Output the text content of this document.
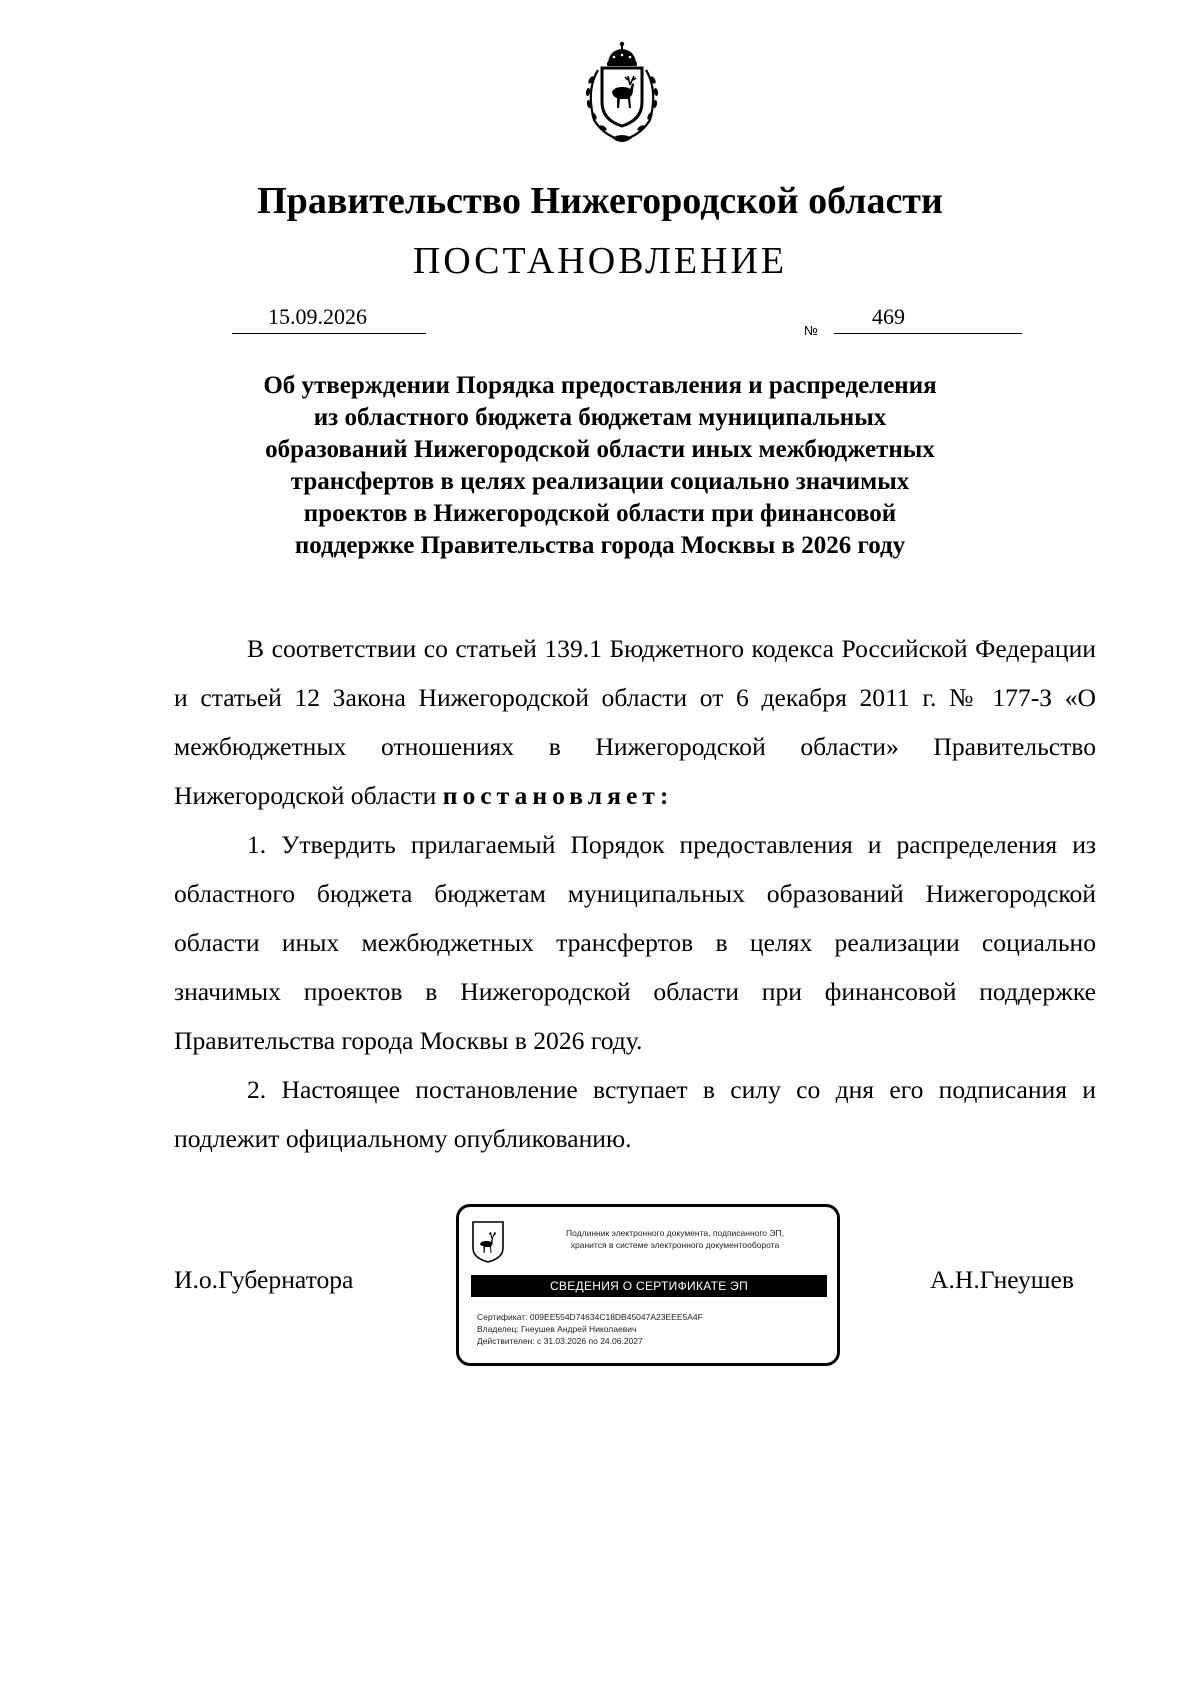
Правительство Нижегородской области
ПОСТАНОВЛЕНИЕ
15.09.2026
№
469
Об утверждении Порядка предоставления и распределения
из областного бюджета бюджетам муниципальных
образований Нижегородской области иных межбюджетных
трансфертов в целях реализации социально значимых
проектов в Нижегородской области при финансовой
поддержке Правительства города Москвы в 2026 году

В соответствии со статьей 139.1 Бюджетного кодекса Российской Федерации и статьей 12 Закона Нижегородской области от 6 декабря 2011 г. № 177-З «О межбюджетных отношениях в Нижегородской области» Правительство Нижегородской области постановляет:

1. Утвердить прилагаемый Порядок предоставления и распределения из областного бюджета бюджетам муниципальных образований Нижегородской области иных межбюджетных трансфертов в целях реализации социально значимых проектов в Нижегородской области при финансовой поддержке Правительства города Москвы в 2026 году.

2. Настоящее постановление вступает в силу со дня его подписания и подлежит официальному опубликованию.

И.о.Губернатора	А.Н.Гнеушев
Подлинник электронного документа, подписанного ЭП,
хранится в системе электронного документооборота
СВЕДЕНИЯ О СЕРТИФИКАТЕ ЭП
Сертификат: 009EE554D74634C18DB45047A23EEE5A4F
Владелец: Гнеушев Андрей Николаевич
Действителен: с 31.03.2026 по 24.06.2027
